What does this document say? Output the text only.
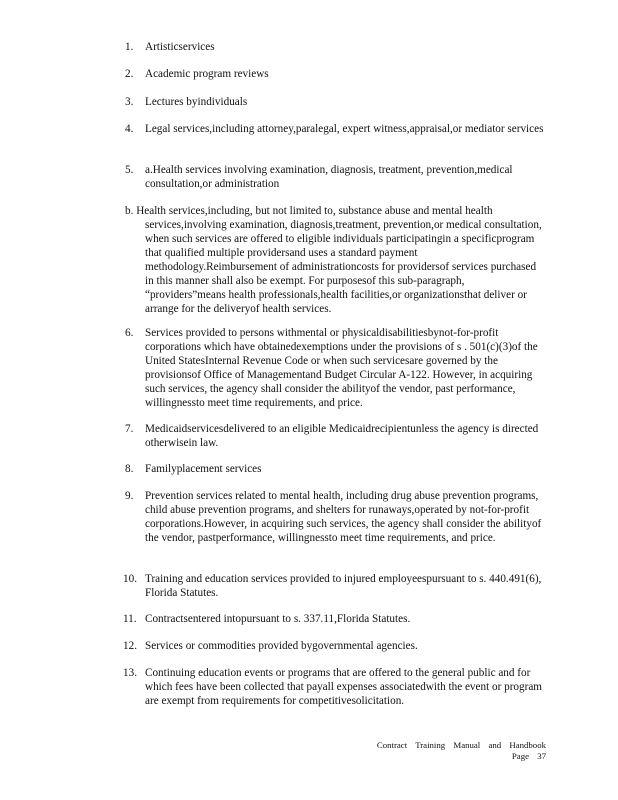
1. Artisticservices
2. Academic program reviews
3. Lectures byindividuals
4. Legal services,including attorney,paralegal, expert witness,appraisal,or mediator services
5. a.Health services involving examination, diagnosis, treatment, prevention,medical consultation,or administration
b. Health services,including, but not limited to, substance abuse and mental health
services,involving examination, diagnosis,treatment, prevention,or medical consultation, when such services are offered to eligible individuals participatingin a specificprogram that qualified multiple providersand uses a standard payment methodology.Reimbursement of administrationcosts for providersof services purchased in this manner shall also be exempt. For purposesof this sub-paragraph, “providers”means health professionals,health facilities,or organizationsthat deliver or arrange for the deliveryof health services.
6. Services provided to persons withmental or physicaldisabilitiesbynot-for-profit corporations which have obtainedexemptions under the provisions of s . 501(c)(3)of the United StatesInternal Revenue Code or when such servicesare governed by the provisionsof Office of Managementand Budget Circular A-122. However, in acquiring such services, the agency shall consider the abilityof the vendor, past performance, willingnessto meet time requirements, and price.
7. Medicaidservicesdelivered to an eligible Medicaidrecipientunless the agency is directed otherwisein law.
8. Familyplacement services
9. Prevention services related to mental health, including drug abuse prevention programs, child abuse prevention programs, and shelters for runaways,operated by not-for-profit corporations.However, in acquiring such services, the agency shall consider the abilityof the vendor, pastperformance, willingnessto meet time requirements, and price.
10. Training and education services provided to injured employeespursuant to s. 440.491(6), Florida Statutes.
11. Contractsentered intopursuant to s. 337.11,Florida Statutes.
12. Services or commodities provided bygovernmental agencies.
13. Continuing education events or programs that are offered to the general public and for which fees have been collected that payall expenses associatedwith the event or program are exempt from requirements for competitivesolicitation.
Contract Training Manual and Handbook
Page 37
